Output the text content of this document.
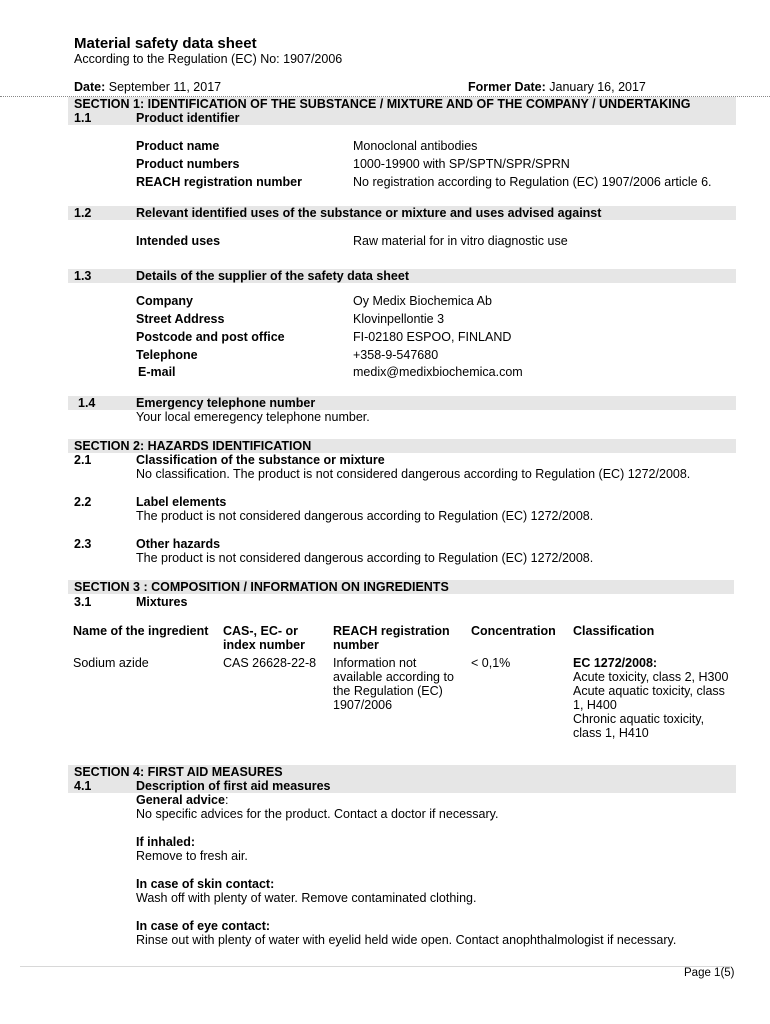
Material safety data sheet
According to the Regulation (EC) No: 1907/2006
Date: September 11, 2017	Former Date: January 16, 2017
SECTION 1: IDENTIFICATION OF THE SUBSTANCE / MIXTURE AND OF THE COMPANY / UNDERTAKING
1.1	Product identifier
Product name	Monoclonal antibodies
Product numbers	1000-19900 with SP/SPTN/SPR/SPRN
REACH registration number	No registration according to Regulation (EC) 1907/2006 article 6.
1.2	Relevant identified uses of the substance or mixture and uses advised against
Intended uses	Raw material for in vitro diagnostic use
1.3	Details of the supplier of the safety data sheet
Company	Oy Medix Biochemica Ab
Street Address	Klovinpellontie 3
Postcode and post office	FI-02180 ESPOO, FINLAND
Telephone	+358-9-547680
E-mail	medix@medixbiochemica.com
1.4	Emergency telephone number
Your local emeregency telephone number.
SECTION 2: HAZARDS IDENTIFICATION
2.1	Classification of the substance or mixture
No classification. The product is not considered dangerous according to Regulation (EC) 1272/2008.
2.2	Label elements
The product is not considered dangerous according to Regulation (EC) 1272/2008.
2.3	Other hazards
The product is not considered dangerous according to Regulation (EC) 1272/2008.
SECTION 3 : COMPOSITION / INFORMATION ON INGREDIENTS
3.1	Mixtures
Name of the ingredient	CAS-, EC- or index number	REACH registration number	Concentration	Classification
Sodium azide	CAS 26628-22-8	Information not available according to the Regulation (EC) 1907/2006	< 0,1%	EC 1272/2008:
Acute toxicity, class 2, H300
Acute aquatic toxicity, class 1, H400
Chronic aquatic toxicity, class 1, H410
SECTION 4: FIRST AID MEASURES
4.1	Description of first aid measures
General advice:
No specific advices for the product. Contact a doctor if necessary.
If inhaled:
Remove to fresh air.
In case of skin contact:
Wash off with plenty of water. Remove contaminated clothing.
In case of eye contact:
Rinse out with plenty of water with eyelid held wide open. Contact anophthalmologist if necessary.
Page 1(5)
